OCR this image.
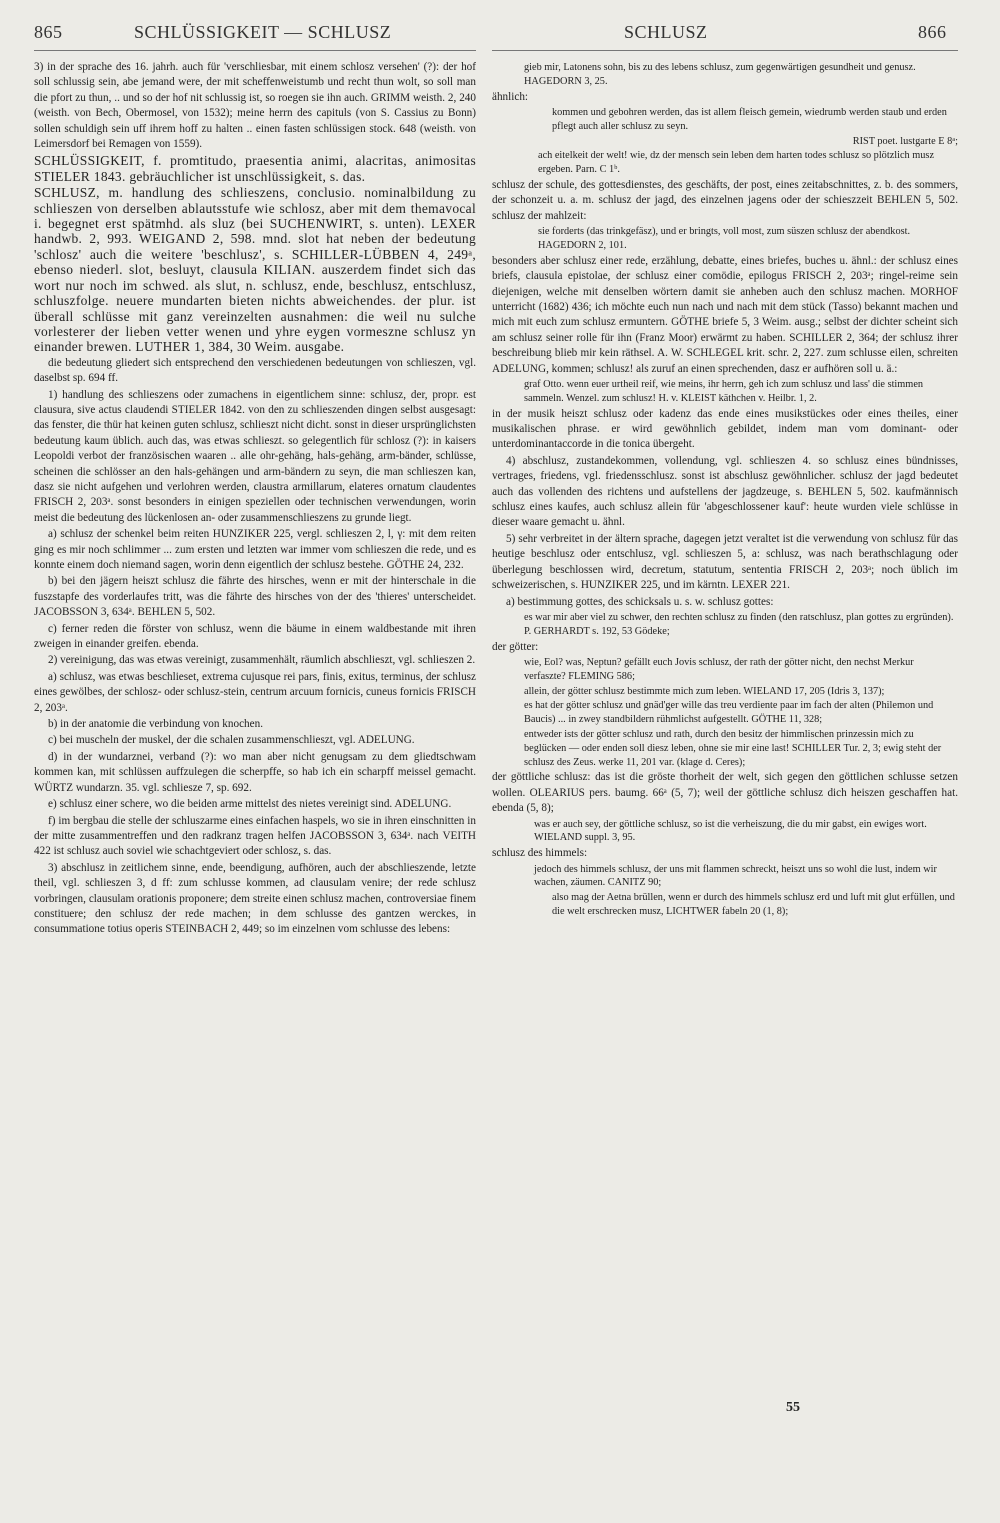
865	SCHLÜSSIGKEIT — SCHLUSZ	SCHLUSZ	866

3) in der sprache des 16. jahrh. auch für 'verschliesbar, mit einem schlosz versehen' (?): der hof soll schlussig sein, abe jemand were, der mit scheffenweistumb und recht thun wolt, so soll man die pfort zu thun, .. und so der hof nit schlussig ist, so roegen sie ihn auch. GRIMM weisth. 2, 240 (weisth. von Bech, Obermosel, von 1532); meine herrn des capituls (von S. Cassius zu Bonn) sollen schuldigh sein uff ihrem hoff zu halten .. einen fasten schlüssigen stock. 648 (weisth. von Leimersdorf bei Remagen von 1559).

SCHLÜSSIGKEIT, f. promtitudo, praesentia animi, alacritas, animositas STIELER 1843. gebräuchlicher ist unschlüssigkeit, s. das.

SCHLUSZ, m. handlung des schlieszens, conclusio. nominalbildung zu schlieszen von derselben ablautsstufe wie schlosz, aber mit dem themavocal i. begegnet erst spätmhd. als sluz (bei SUCHENWIRT, s. unten). LEXER handwb. 2, 993. WEIGAND 2, 598. mnd. slot hat neben der bedeutung 'schlosz' auch die weitere 'beschlusz', s. SCHILLER-LÜBBEN 4, 249ᵃ, ebenso niederl. slot, besluyt, clausula KILIAN. auszerdem findet sich das wort nur noch im schwed. als slut, n. schlusz, ende, beschlusz, entschlusz, schluszfolge. neuere mundarten bieten nichts abweichendes. der plur. ist überall schlüsse mit ganz vereinzelten ausnahmen: die weil nu sulche vorlesterer der lieben vetter wenen und yhre eygen vormeszne schlusz yn einander brewen. LUTHER 1, 384, 30 Weim. ausgabe.

die bedeutung gliedert sich entsprechend den verschiedenen bedeutungen von schlieszen, vgl. daselbst sp. 694 ff.

1) handlung des schlieszens oder zumachens in eigentlichem sinne: schlusz, der, propr. est clausura, sive actus claudendi STIELER 1842. von den zu schlieszenden dingen selbst ausgesagt: das fenster, die thür hat keinen guten schlusz, schlieszt nicht dicht. sonst in dieser ursprünglichsten bedeutung kaum üblich. auch das, was etwas schlieszt. so gelegentlich für schlosz (?): in kaisers Leopoldi verbot der französischen waaren .. alle ohr-gehäng, hals-gehäng, arm-bänder, schlüsse, scheinen die schlösser an den hals-gehängen und arm-bändern zu seyn, die man schlieszen kan, dasz sie nicht aufgehen und verlohren werden, claustra armillarum, elateres ornatum claudentes FRISCH 2, 203ᵃ. sonst besonders in einigen speziellen oder technischen verwendungen, worin meist die bedeutung des lückenlosen an- oder zusammenschlieszens zu grunde liegt.

a) schlusz der schenkel beim reiten HUNZIKER 225, vergl. schlieszen 2, l, γ: mit dem reiten ging es mir noch schlimmer ... zum ersten und letzten war immer vom schlieszen die rede, und es konnte einem doch niemand sagen, worin denn eigentlich der schlusz bestehe. GÖTHE 24, 232.

b) bei den jägern heiszt schlusz die fährte des hirsches, wenn er mit der hinterschale in die fuszstapfe des vorderlaufes tritt, was die fährte des hirsches von der des 'thieres' unterscheidet. JACOBSSON 3, 634ᵃ. BEHLEN 5, 502.

c) ferner reden die förster von schlusz, wenn die bäume in einem waldbestande mit ihren zweigen in einander greifen. ebenda.

2) vereinigung, das was etwas vereinigt, zusammenhält, räumlich abschlieszt, vgl. schlieszen 2.

a) schlusz, was etwas beschlieset, extrema cujusque rei pars, finis, exitus, terminus, der schlusz eines gewölbes, der schlosz- oder schlusz-stein, centrum arcuum fornicis, cuneus fornicis FRISCH 2, 203ᵃ.

b) in der anatomie die verbindung von knochen.

c) bei muscheln der muskel, der die schalen zusammenschlieszt, vgl. ADELUNG.

d) in der wundarznei, verband (?): wo man aber nicht genugsam zu dem gliedtschwam kommen kan, mit schlüssen auffzulegen die scherpffe, so hab ich ein scharpff meissel gemacht. WÜRTZ wundarzn. 35. vgl. schliesze 7, sp. 692.

e) schlusz einer schere, wo die beiden arme mittelst des nietes vereinigt sind. ADELUNG.

f) im bergbau die stelle der schluszarme eines einfachen haspels, wo sie in ihren einschnitten in der mitte zusammentreffen und den radkranz tragen helfen JACOBSSON 3, 634ᵃ. nach VEITH 422 ist schlusz auch soviel wie schachtgeviert oder schlosz, s. das.

3) abschlusz in zeitlichem sinne, ende, beendigung, aufhören, auch der abschlieszende, letzte theil, vgl. schlieszen 3, d ff: zum schlusse kommen, ad clausulam venire; der rede schlusz vorbringen, clausulam orationis proponere; dem streite einen schlusz machen, controversiae finem constituere; den schlusz der rede machen; in dem schlusse des gantzen werckes, in consummatione totius operis STEINBACH 2, 449; so im einzelnen vom schlusse des lebens:

gieb mir, Latonens sohn, bis zu des lebens schlusz, zum gegenwärtigen gesundheit und genusz. HAGEDORN 3, 25.

ähnlich:

kommen und gebohren werden, das ist allem fleisch gemein, wiedrumb werden staub und erden pflegt auch aller schlusz zu seyn.

RIST poet. lustgarte E 8ᵃ;

ach eitelkeit der welt! wie, dz der mensch sein leben dem harten todes schlusz so plötzlich musz ergeben. Parn. C 1ᵇ.

schlusz der schule, des gottesdienstes, des geschäfts, der post, eines zeitabschnittes, z. b. des sommers, der schonzeit u. a. m. schlusz der jagd, des einzelnen jagens oder der schieszzeit BEHLEN 5, 502. schlusz der mahlzeit:

sie forderts (das trinkgefäsz), und er bringts, voll most, zum süszen schlusz der abendkost. HAGEDORN 2, 101.

besonders aber schlusz einer rede, erzählung, debatte, eines briefes, buches u. ähnl.: der schlusz eines briefs, clausula epistolae, der schlusz einer comödie, epilogus FRISCH 2, 203ᵃ; ringel-reime sein diejenigen, welche mit denselben wörtern damit sie anheben auch den schlusz machen. MORHOF unterricht (1682) 436; ich möchte euch nun nach und nach mit dem stück (Tasso) bekannt machen und mich mit euch zum schlusz ermuntern. GÖTHE briefe 5, 3 Weim. ausg.; selbst der dichter scheint sich am schlusz seiner rolle für ihn (Franz Moor) erwärmt zu haben. SCHILLER 2, 364; der schlusz ihrer beschreibung blieb mir kein räthsel. A. W. SCHLEGEL krit. schr. 2, 227. zum schlusse eilen, schreiten ADELUNG, kommen; schlusz! als zuruf an einen sprechenden, dasz er aufhören soll u. ä.:

graf Otto. wenn euer urtheil reif, wie meins, ihr herrn, geh ich zum schlusz und lass' die stimmen sammeln. Wenzel. zum schlusz! H. v. KLEIST käthchen v. Heilbr. 1, 2.

in der musik heiszt schlusz oder kadenz das ende eines musikstückes oder eines theiles, einer musikalischen phrase. er wird gewöhnlich gebildet, indem man vom dominant- oder unterdominantaccorde in die tonica übergeht.

4) abschlusz, zustandekommen, vollendung, vgl. schlieszen 4. so schlusz eines bündnisses, vertrages, friedens, vgl. friedensschlusz. sonst ist abschlusz gewöhnlicher. schlusz der jagd bedeutet auch das vollenden des richtens und aufstellens der jagdzeuge, s. BEHLEN 5, 502. kaufmännisch schlusz eines kaufes, auch schlusz allein für 'abgeschlossener kauf': heute wurden viele schlüsse in dieser waare gemacht u. ähnl.

5) sehr verbreitet in der ältern sprache, dagegen jetzt veraltet ist die verwendung von schlusz für das heutige beschlusz oder entschlusz, vgl. schlieszen 5, a: schlusz, was nach berathschlagung oder überlegung beschlossen wird, decretum, statutum, sententia FRISCH 2, 203ᵃ; noch üblich im schweizerischen, s. HUNZIKER 225, und im kärntn. LEXER 221.

a) bestimmung gottes, des schicksals u. s. w. schlusz gottes:

es war mir aber viel zu schwer, den rechten schlusz zu finden (den ratschlusz, plan gottes zu ergründen). P. GERHARDT s. 192, 53 Gödeke;

der götter:

wie, Eol? was, Neptun? gefällt euch Jovis schlusz, der rath der götter nicht, den nechst Merkur verfaszte? FLEMING 586;

allein, der götter schlusz bestimmte mich zum leben. WIELAND 17, 205 (Idris 3, 137);

es hat der götter schlusz und gnäd'ger wille das treu verdiente paar im fach der alten (Philemon und Baucis) ... in zwey standbildern rühmlichst aufgestellt. GÖTHE 11, 328;

entweder ists der götter schlusz und rath, durch den besitz der himmlischen prinzessin mich zu beglücken — oder enden soll diesz leben, ohne sie mir eine last! SCHILLER Tur. 2, 3; ewig steht der schlusz des Zeus. werke 11, 201 var. (klage d. Ceres);

der göttliche schlusz: das ist die gröste thorheit der welt, sich gegen den göttlichen schlusse setzen wollen. OLEARIUS pers. baumg. 66ᵃ (5, 7); weil der göttliche schlusz dich heiszen geschaffen hat. ebenda (5, 8);

was er auch sey, der göttliche schlusz, so ist die verheiszung, die du mir gabst, ein ewiges wort. WIELAND suppl. 3, 95.

schlusz des himmels:

jedoch des himmels schlusz, der uns mit flammen schreckt, heiszt uns so wohl die lust, indem wir wachen, zäumen. CANITZ 90;

also mag der Aetna brüllen, wenn er durch des himmels schlusz erd und luft mit glut erfüllen, und die welt erschrecken musz, LICHTWER fabeln 20 (1, 8);

55
